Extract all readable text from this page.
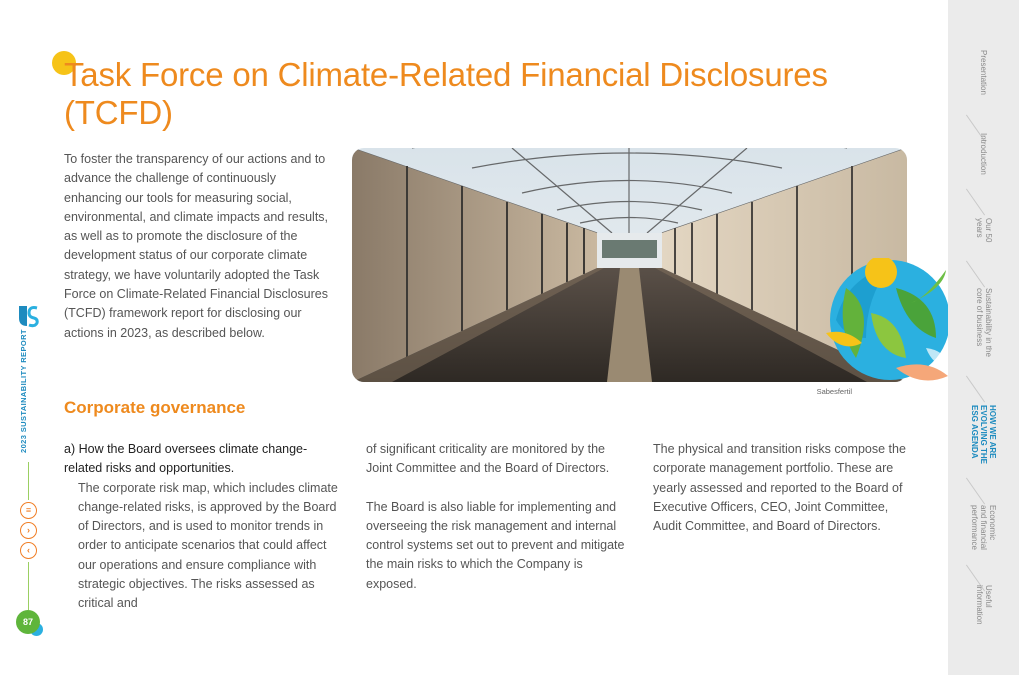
Task Force on Climate-Related Financial Disclosures (TCFD)

To foster the transparency of our actions and to advance the challenge of continuously enhancing our tools for measuring social, environmental, and climate impacts and results, as well as to promote the disclosure of the development status of our corporate climate strategy, we have voluntarily adopted the Task Force on Climate-Related Financial Disclosures (TCFD) framework report for disclosing our actions in 2023, as described below.

Sabesfertil
Corporate governance

a) How the Board oversees climate change-related risks and opportunities.

The corporate risk map, which includes climate change-related risks, is approved by the Board of Directors, and is used to monitor trends in order to anticipate scenarios that could affect our operations and ensure compliance with strategic objectives. The risks assessed as critical and

of significant criticality are monitored by the Joint Committee and the Board of Directors.

The Board is also liable for implementing and overseeing the risk management and internal control systems set out to prevent and mitigate the main risks to which the Company is exposed.

The physical and transition risks compose the corporate management portfolio. These are yearly assessed and reported to the Board of Executive Officers, CEO, Joint Committee, Audit Committee, and Board of Directors.

2023 SUSTAINABILITY REPORT
≡
›
‹
87
Presentation
Introduction
Our 50
years
Sustainability in the
core of business
HOW WE ARE
EVOLVING THE
ESG AGENDA
Economic
and financial
performance
Useful
information
